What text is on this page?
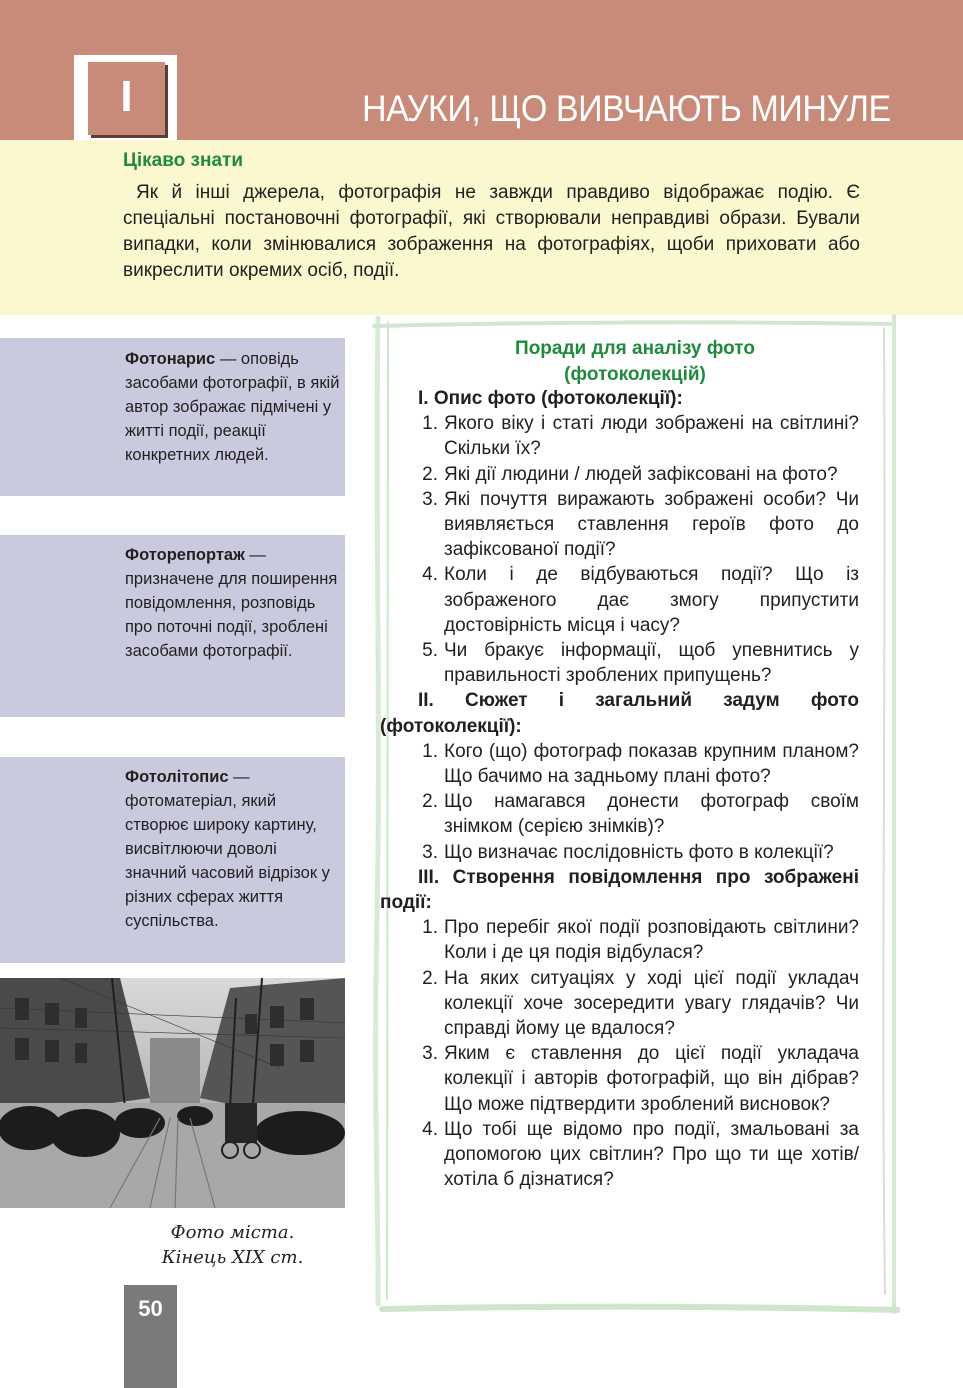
I	НАУКИ, ЩО ВИВЧАЮТЬ МИНУЛЕ
Цікаво знати
Як й інші джерела, фотографія не завжди правдиво відображає подію. Є спеціальні постановочні фотографії, які створювали неправдиві образи. Бували випадки, коли змінювалися зображення на фотографіях, щоби приховати або викреслити окремих осіб, події.
Фотонарис — оповідь засобами фотографії, в якій автор зображає підмічені у житті події, реакції конкретних людей.
Фоторепортаж — призначене для поширення повідомлення, розповідь про поточні події, зроблені засобами фотографії.
Фотолітопис — фотоматеріал, який створює широку картину, висвітлюючи доволі значний часовий відрізок у різних сферах життя суспільства.
Фото міста.
Кінець XIX ст.
50
Поради для аналізу фото
(фотоколекцій)

I. Опис фото (фотоколекції):

1. Якого віку і статі люди зображені на світлині? Скільки їх?
2. Які дії людини / людей зафіксовані на фото?
3. Які почуття виражають зображені особи? Чи виявляється ставлення героїв фото до зафіксованої події?
4. Коли і де відбуваються події? Що із зображеного дає змогу припустити достовірність місця і часу?
5. Чи бракує інформації, щоб упевнитись у правильності зроблених припущень?

II. Сюжет і загальний задум фото (фотоколекції):

1. Кого (що) фотограф показав крупним планом? Що бачимо на задньому плані фото?
2. Що намагався донести фотограф своїм знімком (серією знімків)?
3. Що визначає послідовність фото в колекції?

III. Створення повідомлення про зображені події:

1. Про перебіг якої події розповідають світлини? Коли і де ця подія відбулася?
2. На яких ситуаціях у ході цієї події укладач колекції хоче зосередити увагу глядачів? Чи справді йому це вдалося?
3. Яким є ставлення до цієї події укладача колекції і авторів фотографій, що він дібрав? Що може підтвердити зроблений висновок?
4. Що тобі ще відомо про події, змальовані за допомогою цих світлин? Про що ти ще хотів/хотіла б дізнатися?
